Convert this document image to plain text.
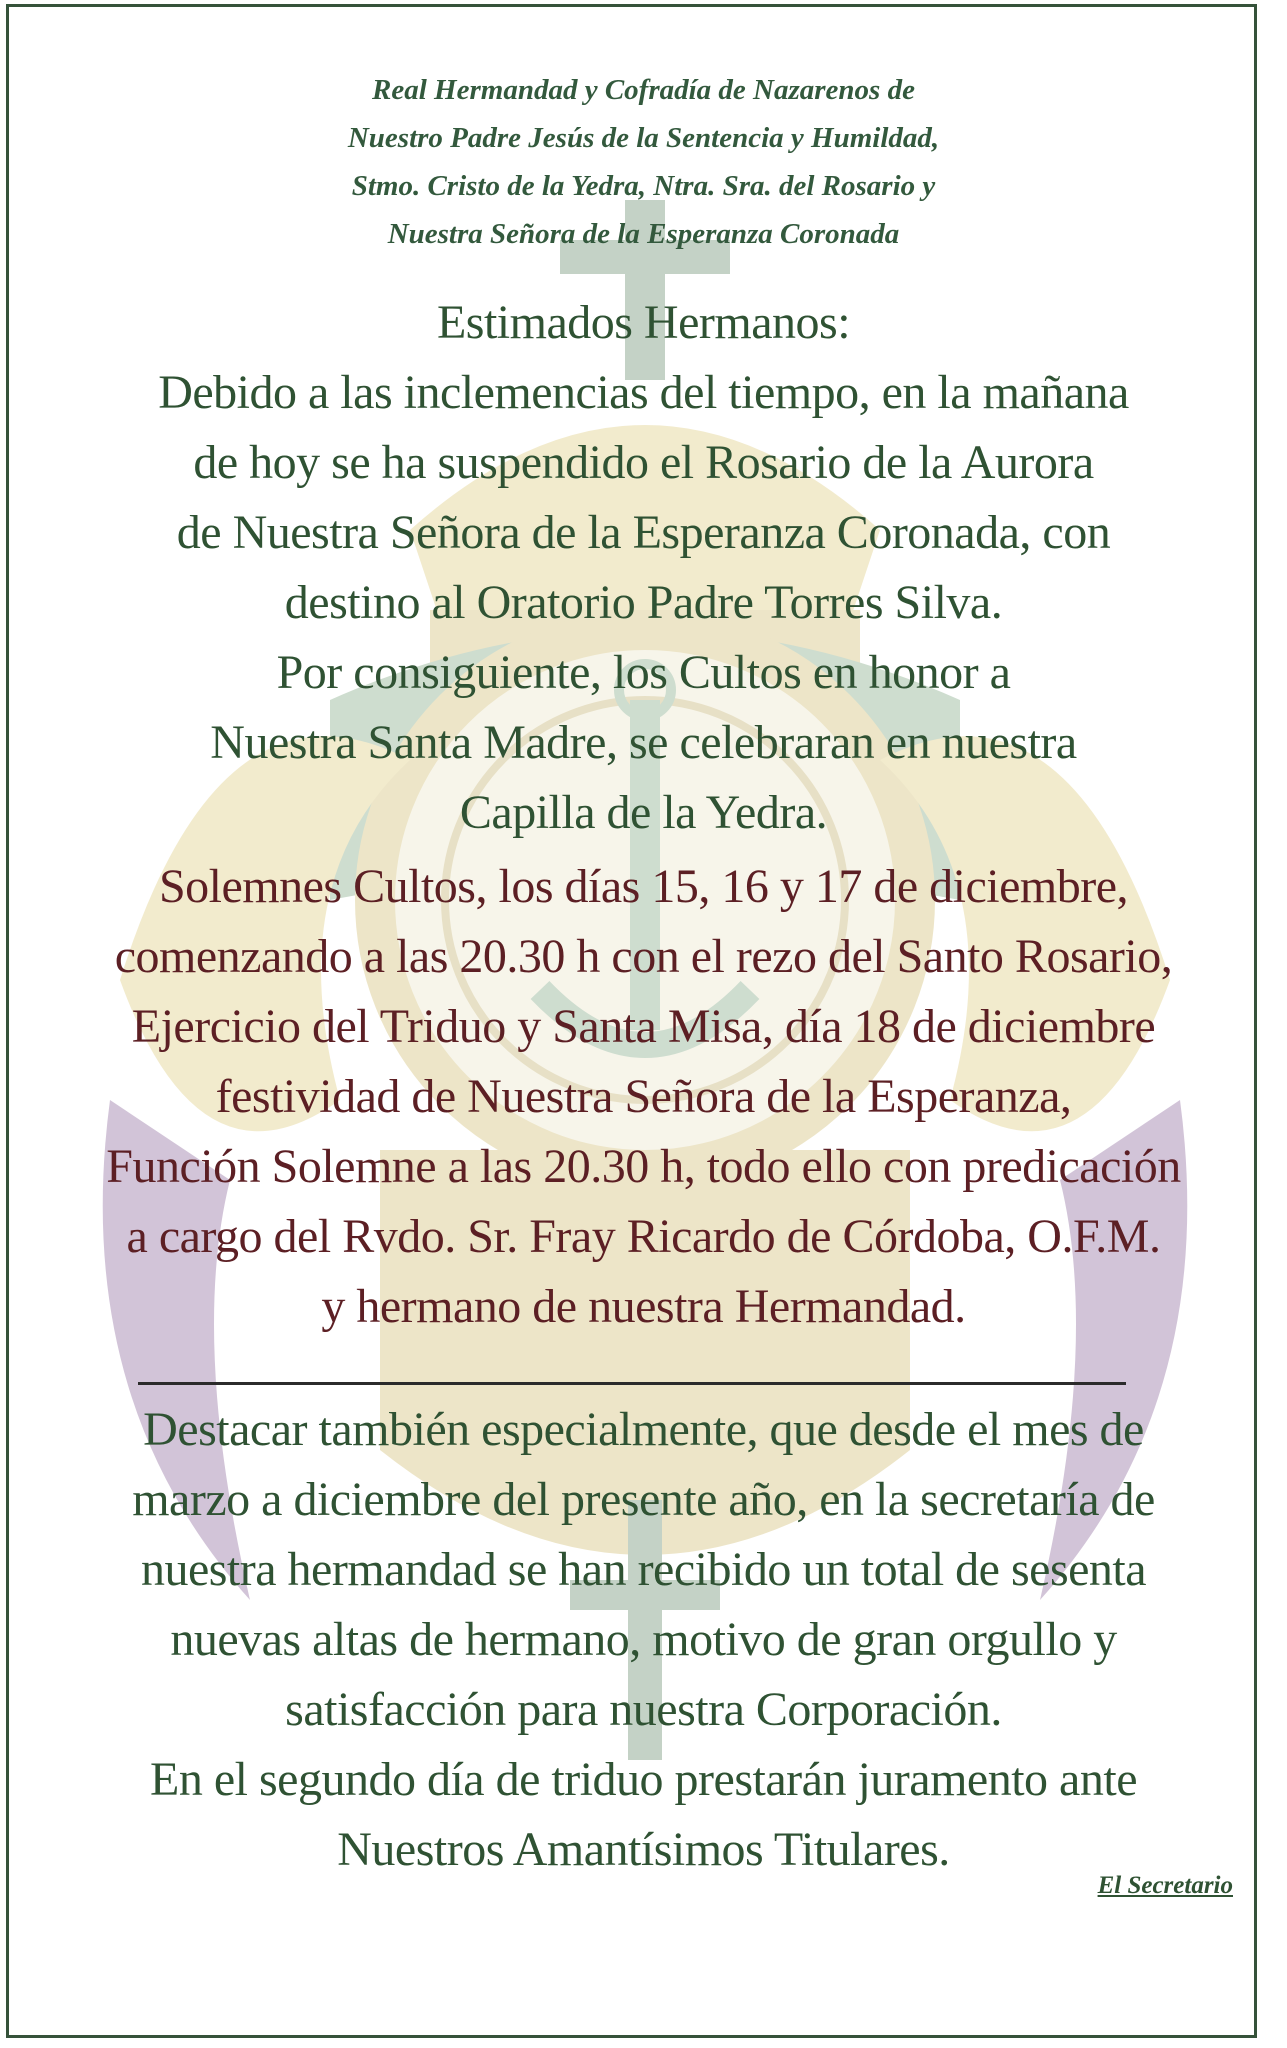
Real Hermandad y Cofradía de Nazarenos de
Nuestro Padre Jesús de la Sentencia y Humildad,
Stmo. Cristo de la Yedra, Ntra. Sra. del Rosario y
Nuestra Señora de la Esperanza Coronada
Estimados Hermanos:
Debido a las inclemencias del tiempo, en la mañana
de hoy se ha suspendido el Rosario de la Aurora
de Nuestra Señora de la Esperanza Coronada, con
destino al Oratorio Padre Torres Silva.
Por consiguiente, los Cultos en honor a
Nuestra Santa Madre, se celebraran en nuestra
Capilla de la Yedra.
Solemnes Cultos, los días 15, 16 y 17 de diciembre,
comenzando a las 20.30 h con el rezo del Santo Rosario,
Ejercicio del Triduo y Santa Misa, día 18 de diciembre
festividad de Nuestra Señora de la Esperanza,
Función Solemne a las 20.30 h, todo ello con predicación
a cargo del Rvdo. Sr. Fray Ricardo de Córdoba, O.F.M.
y hermano de nuestra Hermandad.
Destacar también especialmente, que desde el mes de
marzo a diciembre del presente año, en la secretaría de
nuestra hermandad se han recibido un total de sesenta
nuevas altas de hermano, motivo de gran orgullo y
satisfacción para nuestra Corporación.
En el segundo día de triduo prestarán juramento ante
Nuestros Amantísimos Titulares.
El Secretario
